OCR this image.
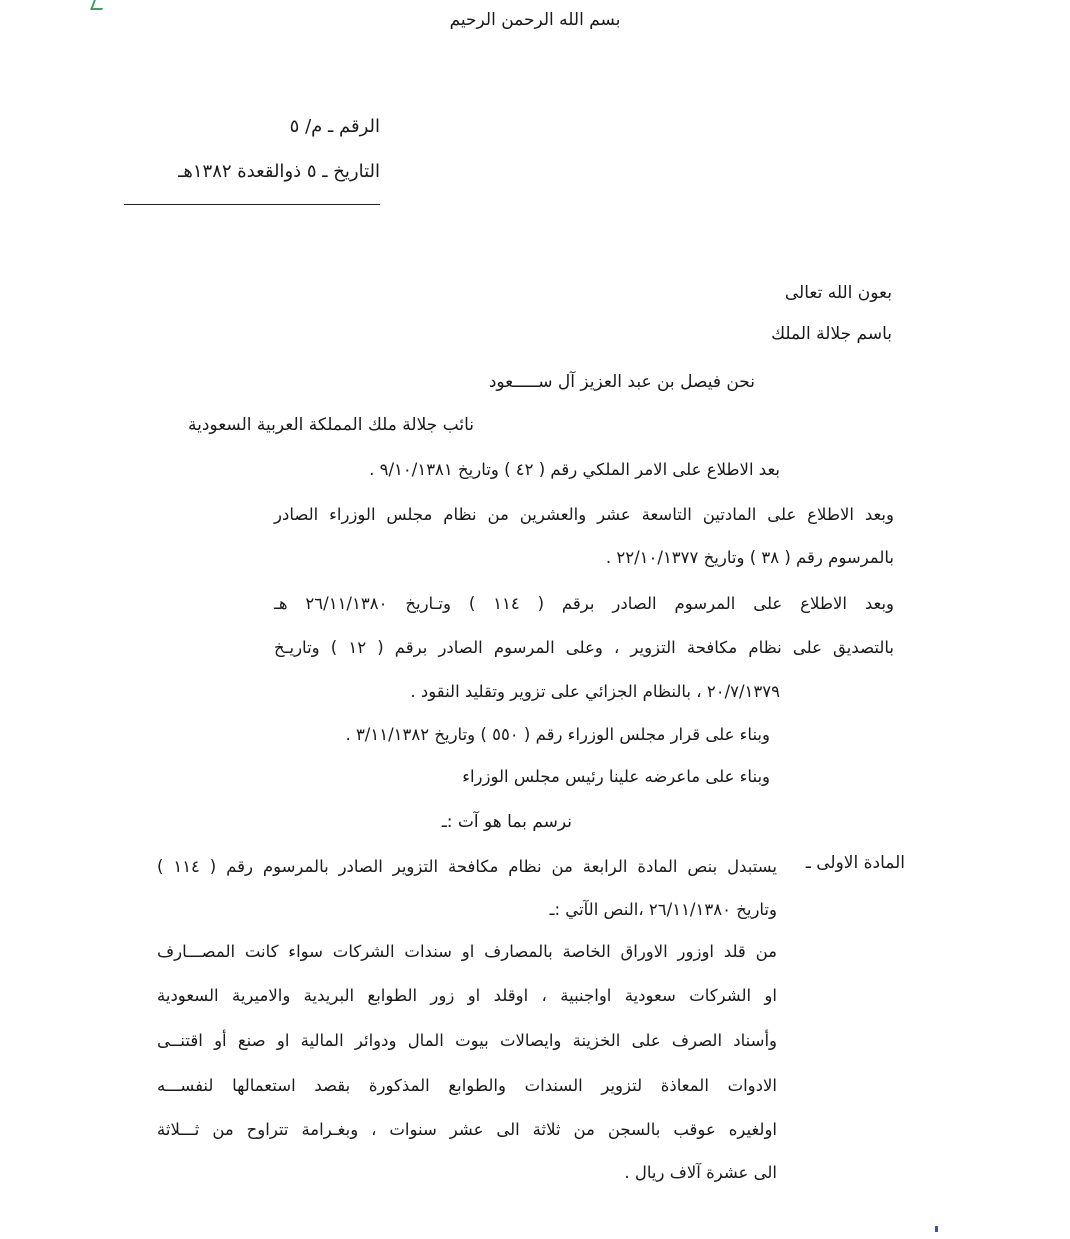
بسم الله الرحمن الرحيم
الرقم ـ م/ ٥
التاريخ ـ ٥ ذوالقعدة ١٣٨٢هـ
بعون الله تعالى
باسم جلالة الملك
نحن فيصل بن عبد العزيز آل ســـــعود
نائب جلالة ملك المملكة العربية السعودية
بعد الاطلاع على الامر الملكي رقم ( ٤٢ ) وتاريخ ٩/١٠/١٣٨١ .
وبعد الاطلاع على المادتين التاسعة عشر والعشرين من نظام مجلس الوزراء الصادر
بالمرسوم رقم ( ٣٨ ) وتاريخ ٢٢/١٠/١٣٧٧ .
وبعد الاطلاع على المرسوم الصادر برقم ( ١١٤ ) وتـاريخ ٢٦/١١/١٣٨٠ هـ
بالتصديق على نظام مكافحة التزوير ، وعلى المرسوم الصادر برقم ( ١٢ ) وتاريـخ
٢٠/٧/١٣٧٩ ، بالنظام الجزائي على تزوير وتقليد النقود .
وبناء على قرار مجلس الوزراء رقم ( ٥٥٠ ) وتاريخ ٣/١١/١٣٨٢ .
وبناء على ماعرضه علينا رئيس مجلس الوزراء
نرسم بما هو آت :ـ
المادة الاولى ـ
يستبدل بنص المادة الرابعة من نظام مكافحة التزوير الصادر بالمرسوم رقم ( ١١٤ )
وتاريخ ٢٦/١١/١٣٨٠ ،النص الآتي :ـ
من قلد اوزور الاوراق الخاصة بالمصارف او سندات الشركات سواء كانت المصـــارف
او الشركات سعودية اواجنبية ، اوقلد او زور الطوابع البريدية والاميرية السعودية
وأسناد الصرف على الخزينة وايصالات بيوت المال ودوائر المالية او صنع أو اقتنــى
الادوات المعاذة لتزوير السندات والطوابع المذكورة بقصد استعمالها لنفســـه
اولغيره عوقب بالسجن من ثلاثة الى عشر سنوات ، وبغـرامة تتراوح من ثـــلاثة
الى عشرة آلاف ريال .
